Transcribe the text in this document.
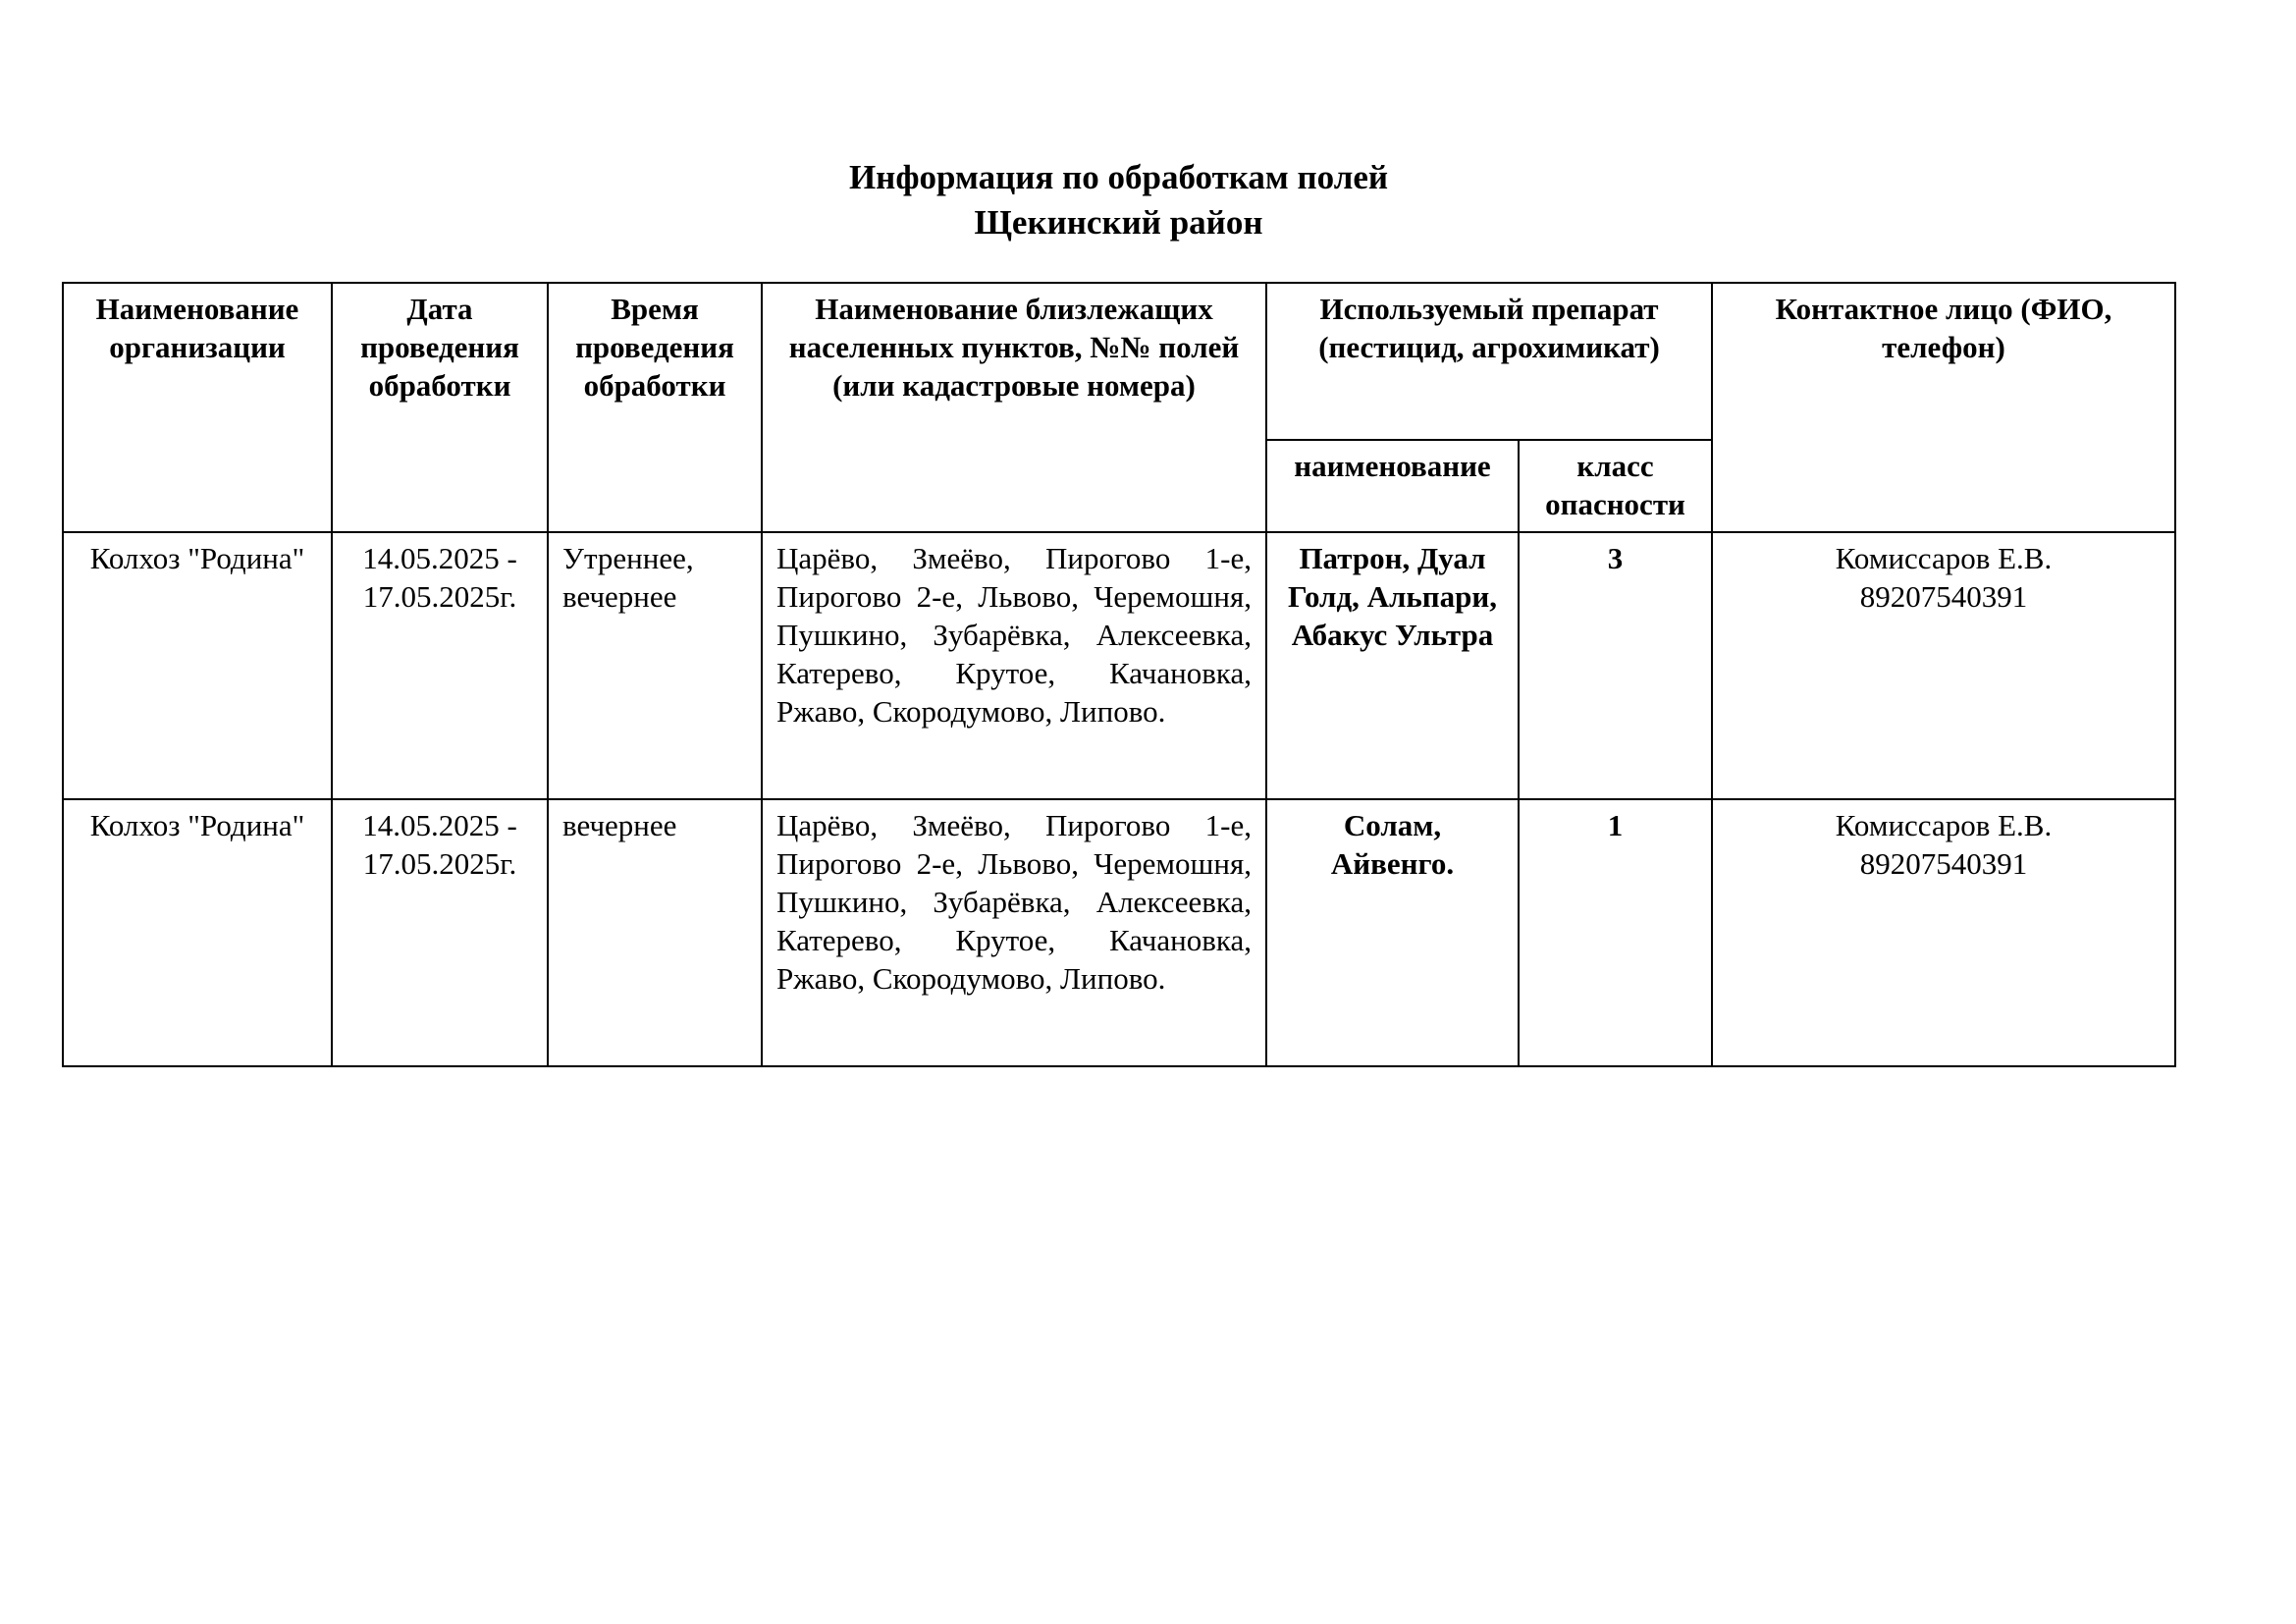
Информация по обработкам полей
Щекинский район
Наименование организации	Дата проведения обработки	Время проведения обработки	Наименование близлежащих населенных пунктов, №№ полей (или кадастровые номера)	Используемый препарат (пестицид, агрохимикат)		Контактное лицо (ФИО, телефон)
				наименование	класс опасности	
Колхоз "Родина"	14.05.2025 - 17.05.2025г.	Утреннее, вечернее	Царёво, Змеёво, Пирогово 1-е, Пирогово 2-е, Львово, Черемошня, Пушкино, Зубарёвка, Алексеевка, Катерево, Крутое, Качановка, Ржаво, Скородумово, Липово.	Патрон, Дуал Голд, Альпари, Абакус Ультра	3	Комиссаров Е.В.
89207540391

Колхоз "Родина"	14.05.2025 - 17.05.2025г.	вечернее	Царёво, Змеёво, Пирогово 1-е, Пирогово 2-е, Львово, Черемошня, Пушкино, Зубарёвка, Алексеевка, Катерево, Крутое, Качановка, Ржаво, Скородумово, Липово.	Солам, Айвенго.	1	Комиссаров Е.В.
89207540391
